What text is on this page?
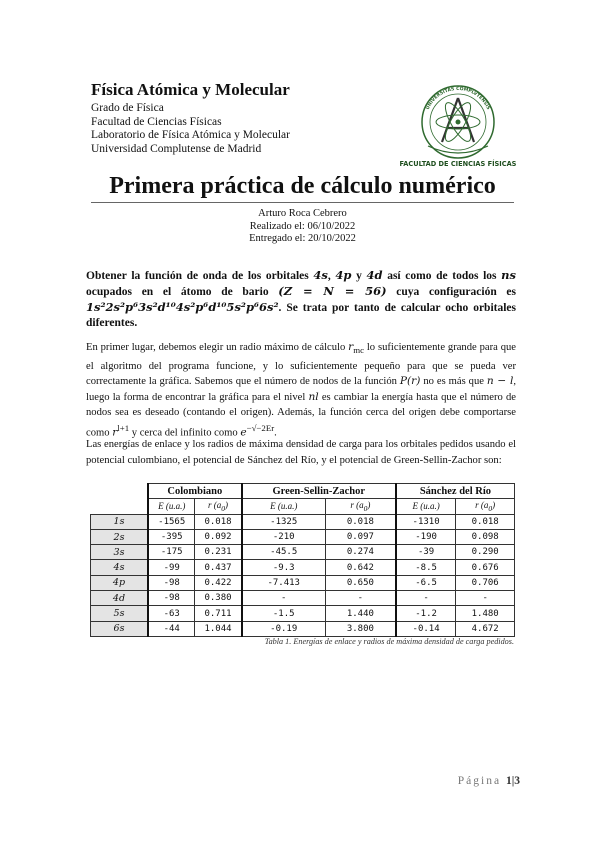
Física Atómica y Molecular
Grado de Física
Facultad de Ciencias Físicas
Laboratorio de Física Atómica y Molecular
Universidad Complutense de Madrid
UNIVERSITAS COMPLVTENSIS
FACULTAD DE CIENCIAS FÍSICAS
Primera práctica de cálculo numérico
Arturo Roca Cebrero
Realizado el: 06/10/2022
Entregado el: 20/10/2022
Obtener la función de onda de los orbitales 4s, 4p y 4d así como de todos los ns ocupados en el átomo de bario (Z = N = 56) cuya configuración es 1s²2s²p⁶3s²d¹⁰4s²p⁶d¹⁰5s²p⁶6s². Se trata por tanto de calcular ocho orbitales diferentes.
En primer lugar, debemos elegir un radio máximo de cálculo $r_{mc}$ lo suficientemente grande para que el algoritmo del programa funcione, y lo suficientemente pequeño para que se pueda ver correctamente la gráfica. Sabemos que el número de nodos de la función P(r) no es más que n − l, luego la forma de encontrar la gráfica para el nivel nl es cambiar la energía hasta que el número de nodos sea es deseado (contando el origen). Además, la función cerca del origen debe comportarse como $r^{l+1}$ y cerca del infinito como $e^{-√-2Er}$.
Las energías de enlace y los radios de máxima densidad de carga para los orbitales pedidos usando el potencial culombiano, el potencial de Sánchez del Río, y el potencial de Green-Sellin-Zachor son:
	Colombiano		Green-Sellin-Zachor		Sánchez del Río	
	E (u.a.)	r $(a_0)$	E (u.a.)	r $(a_0)$	E (u.a.)	r $(a_0)$
1s	-1565	0.018	-1325	0.018	-1310	0.018
2s	-395	0.092	-210	0.097	-190	0.098
3s	-175	0.231	-45.5	0.274	-39	0.290
4s	-99	0.437	-9.3	0.642	-8.5	0.676
4p	-98	0.422	-7.413	0.650	-6.5	0.706
4d	-98	0.380	-	-	-	-
5s	-63	0.711	-1.5	1.440	-1.2	1.480
6s	-44	1.044	-0.19	3.800	-0.14	4.672
Tabla 1. Energías de enlace y radios de máxima densidad de carga pedidos.
Página 1|3
